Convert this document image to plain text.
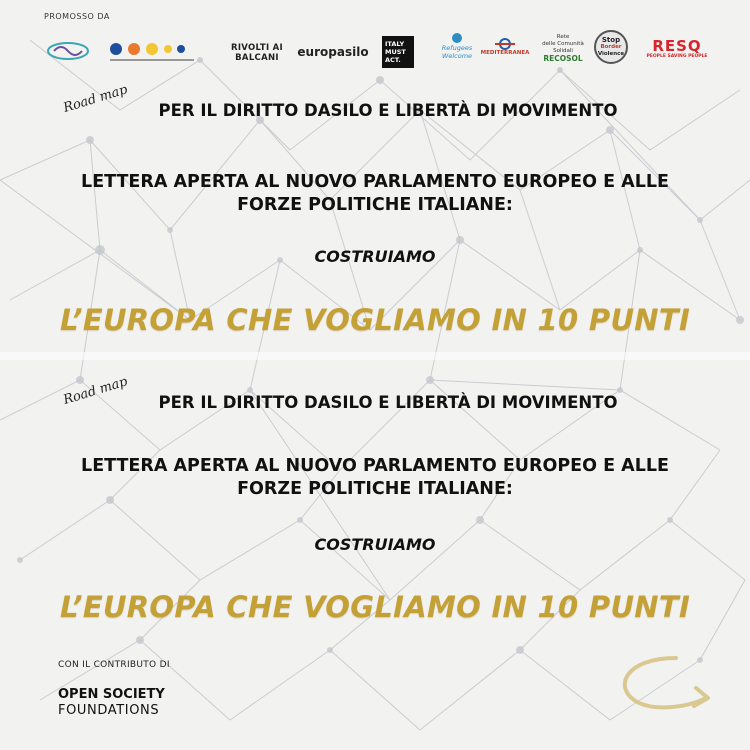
PROMOSSO DA
RIVOLTI AI BALCANI	europasilo
ITALY
MUST
ACT.
Refugees
Welcome MEDITERRANEA
Rete
delle Comunità
Solidali
RECOSOL
Stop
Border
Violence RESQ
PEOPLE SAVING PEOPLE
Road map	PER IL DIRITTO DASILO E LIBERTÀ DI MOVIMENTO
LETTERA APERTA AL NUOVO PARLAMENTO EUROPEO E ALLE
FORZE POLITICHE ITALIANE:
COSTRUIAMO
L’EUROPA CHE VOGLIAMO IN 10 PUNTI
Road map	PER IL DIRITTO DASILO E LIBERTÀ DI MOVIMENTO
LETTERA APERTA AL NUOVO PARLAMENTO EUROPEO E ALLE
FORZE POLITICHE ITALIANE:
COSTRUIAMO
L’EUROPA CHE VOGLIAMO IN 10 PUNTI
CON IL CONTRIBUTO DI
OPEN SOCIETY
FOUNDATIONS
